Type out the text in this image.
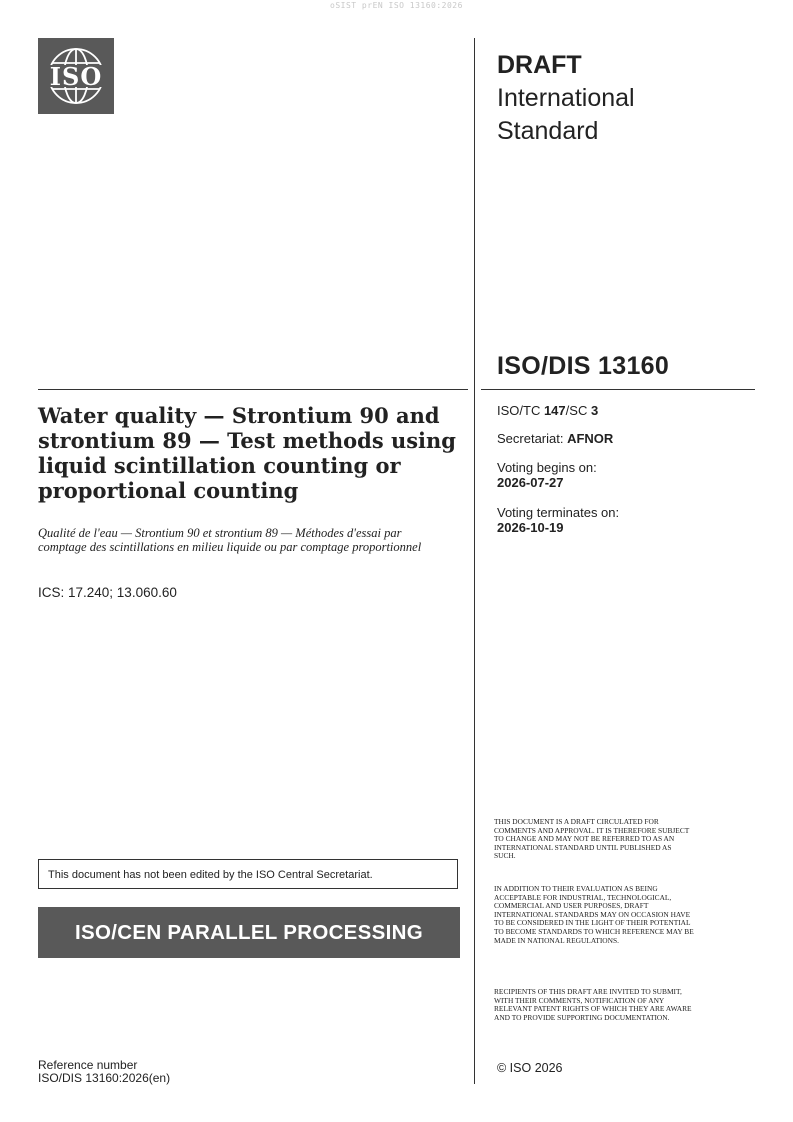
oSIST prEN ISO 13160:2026
ISO	DRAFT
International
Standard
ISO/DIS 13160
Water quality — Strontium 90 and strontium 89 — Test methods using liquid scintillation counting or proportional counting
Qualité de l'eau — Strontium 90 et strontium 89 — Méthodes d'essai par comptage des scintillations en milieu liquide ou par comptage proportionnel
ICS: 17.240; 13.060.60
ISO/TC 147/SC 3
Secretariat: AFNOR
Voting begins on:
2026-07-27
Voting terminates on:
2026-10-19
THIS DOCUMENT IS A DRAFT CIRCULATED FOR COMMENTS AND APPROVAL. IT IS THEREFORE SUBJECT TO CHANGE AND MAY NOT BE REFERRED TO AS AN INTERNATIONAL STANDARD UNTIL PUBLISHED AS SUCH.
IN ADDITION TO THEIR EVALUATION AS BEING ACCEPTABLE FOR INDUSTRIAL, TECHNOLOGICAL, COMMERCIAL AND USER PURPOSES, DRAFT INTERNATIONAL STANDARDS MAY ON OCCASION HAVE TO BE CONSIDERED IN THE LIGHT OF THEIR POTENTIAL TO BECOME STANDARDS TO WHICH REFERENCE MAY BE MADE IN NATIONAL REGULATIONS.
RECIPIENTS OF THIS DRAFT ARE INVITED TO SUBMIT, WITH THEIR COMMENTS, NOTIFICATION OF ANY RELEVANT PATENT RIGHTS OF WHICH THEY ARE AWARE AND TO PROVIDE SUPPORTING DOCUMENTATION.
This document has not been edited by the ISO Central Secretariat.
ISO/CEN PARALLEL PROCESSING
Reference number
ISO/DIS 13160:2026(en)
© ISO 2026
